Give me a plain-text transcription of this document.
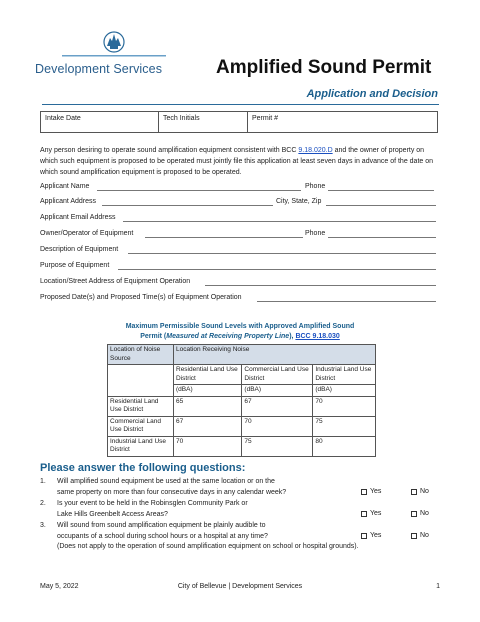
Development Services	Amplified Sound Permit
Application and Decision
Intake Date	Tech Initials	Permit #
Any person desiring to operate sound amplification equipment consistent with BCC 9.18.020.D and the owner of property on which such equipment is proposed to be operated must jointly file this application at least seven days in advance of the date on which sound amplification equipment is proposed to be operated.
Applicant Name	Phone
Applicant Address	City, State, Zip
Applicant Email Address
Owner/Operator of Equipment	Phone
Description of Equipment
Purpose of Equipment
Location/Street Address of Equipment Operation
Proposed Date(s) and Proposed Time(s) of Equipment Operation
Maximum Permissible Sound Levels with Approved Amplified Sound
Permit (Measured at Receiving Property Line), BCC 9.18.030
Location of Noise Source	Location Receiving Noise		
	Residential Land Use District	Commercial Land Use District	Industrial Land Use District
	(dBA)	(dBA)	(dBA)
Residential Land Use District	65	67	70
Commercial Land Use District	67	70	75
Industrial Land Use District	70	75	80
Please answer the following questions:
1. Will amplified sound equipment be used at the same location or on the
same property on more than four consecutive days in any calendar week?	Yes	No
2. Is your event to be held in the Robinsglen Community Park or
Lake Hills Greenbelt Access Areas?	Yes	No
3. Will sound from sound amplification equipment be plainly audible to
occupants of a school during school hours or a hospital at any time?
(Does not apply to the operation of sound amplification equipment on school or hospital grounds).
Yes	No
May 5, 2022	City of Bellevue | Development Services	1
